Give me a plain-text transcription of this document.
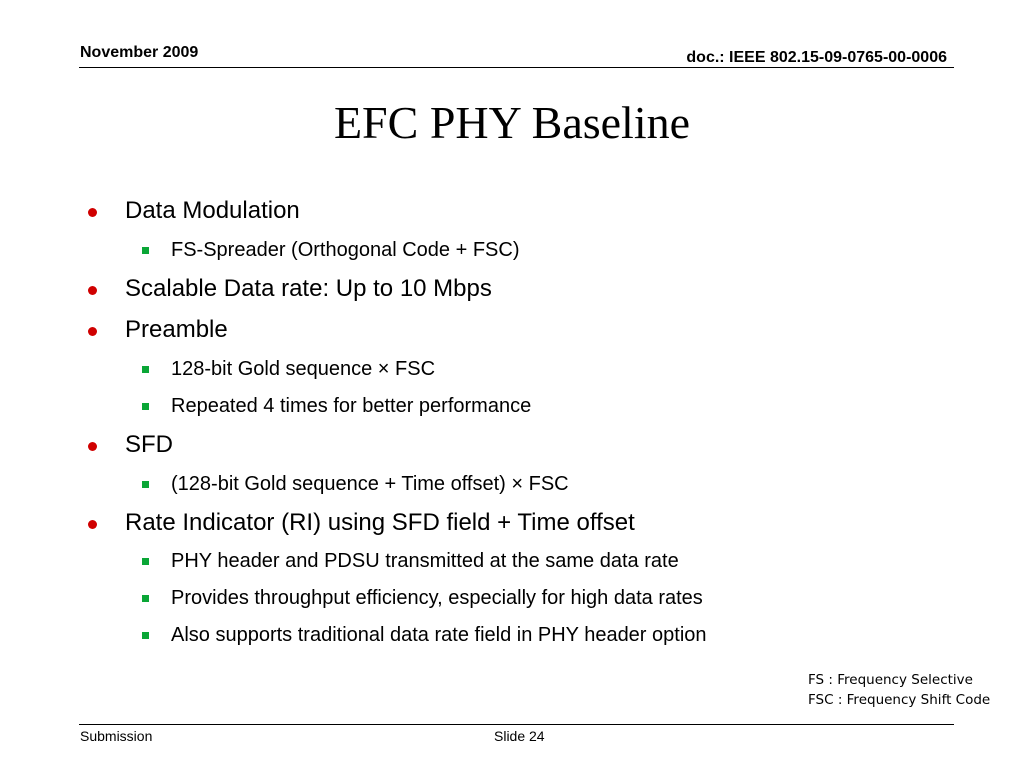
November 2009	doc.: IEEE 802.15-09-0765-00-0006
EFC PHY Baseline
Data Modulation
FS-Spreader (Orthogonal Code + FSC)
Scalable Data rate: Up to 10 Mbps
Preamble
128-bit Gold sequence × FSC
Repeated 4 times for better performance
SFD
(128-bit Gold sequence + Time offset) × FSC
Rate Indicator (RI) using SFD field + Time offset
PHY header and PDSU transmitted at the same data rate
Provides throughput efficiency, especially for high data rates
Also supports traditional data rate field in PHY header option
FS : Frequency Selective
FSC : Frequency Shift Code
Submission	Slide 24
